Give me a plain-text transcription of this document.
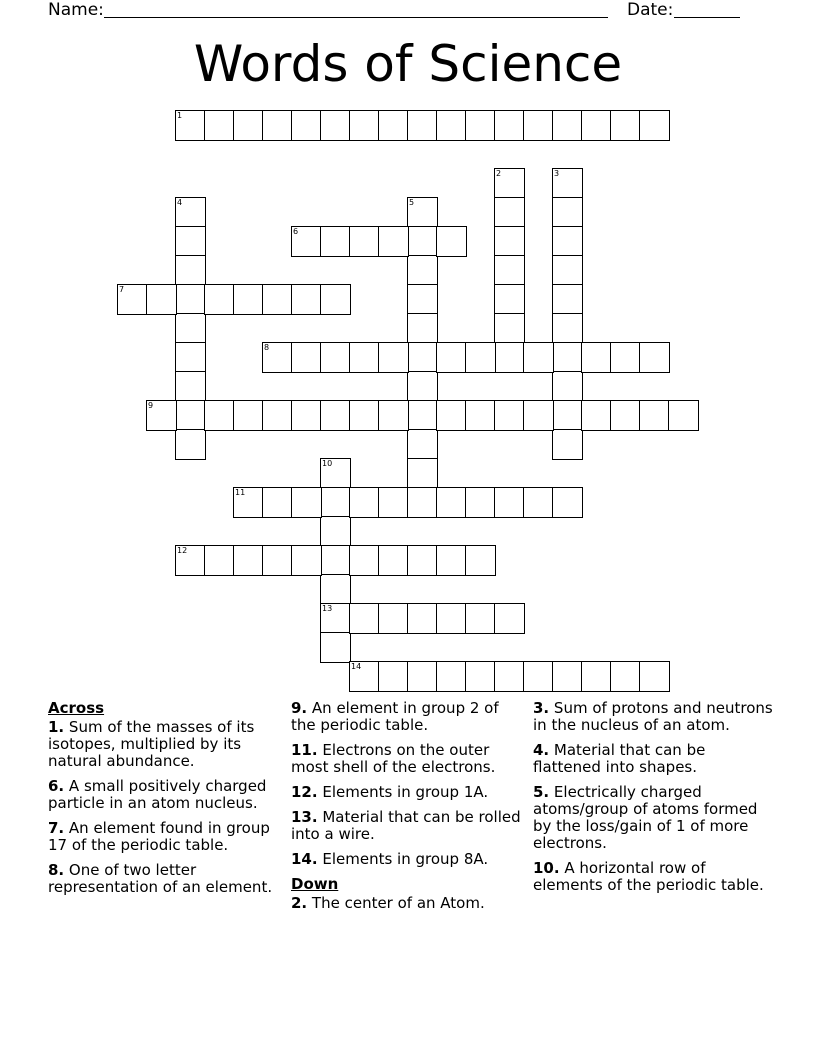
Name:	Date:
Words of Science
1
2	3
4	5
6
7
8
9
10
13
11
12
14
Across
1. Sum of the masses of its isotopes, multiplied by its natural abundance.
6. A small positively charged particle in an atom nucleus.
7. An element found in group 17 of the periodic table.
8. One of two letter representation of an element.
9. An element in group 2 of the periodic table.
11. Electrons on the outer most shell of the electrons.
12. Elements in group 1A.
13. Material that can be rolled into a wire.
14. Elements in group 8A.
Down
2. The center of an Atom.
3. Sum of protons and neutrons in the nucleus of an atom.
4. Material that can be flattened into shapes.
5. Electrically charged atoms/group of atoms formed by the loss/gain of 1 of more electrons.
10. A horizontal row of elements of the periodic table.
